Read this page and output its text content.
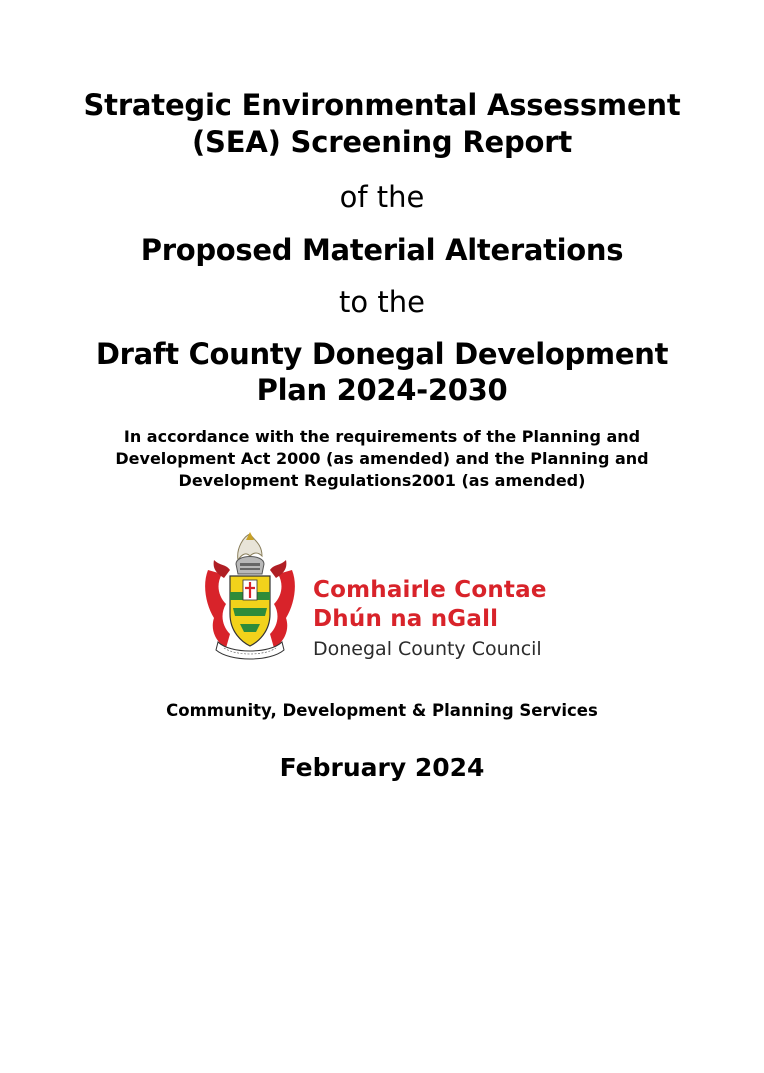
Strategic Environmental Assessment
(SEA) Screening Report
of the
Proposed Material Alterations
to the
Draft County Donegal Development
Plan 2024-2030
In accordance with the requirements of the Planning and
Development Act 2000 (as amended) and the Planning and
Development Regulations2001 (as amended)
Comhairle Contae
Dhún na nGall
Donegal County Council
Community, Development & Planning Services
February 2024
